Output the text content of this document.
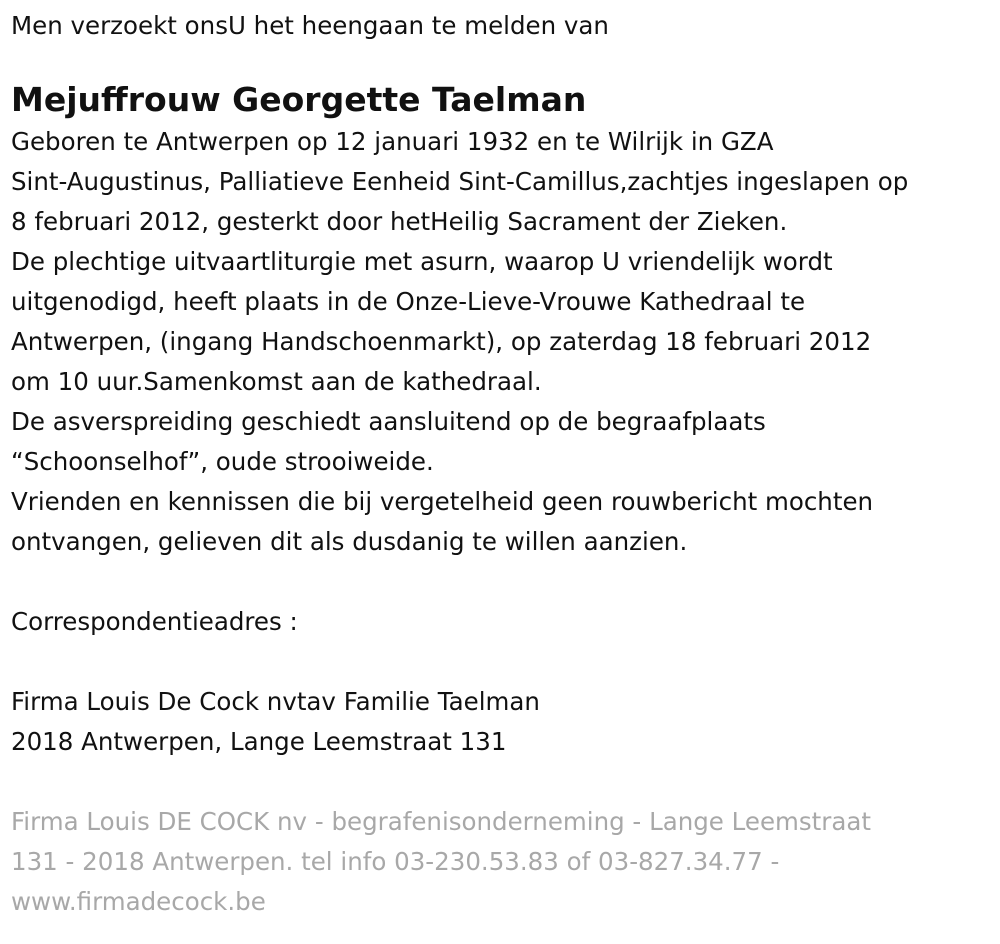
Men verzoekt onsU het heengaan te melden van

Mejuffrouw Georgette Taelman

Geboren te Antwerpen op 12 januari 1932 en te Wilrijk in GZA

Sint-Augustinus, Palliatieve Eenheid Sint-Camillus,zachtjes ingeslapen op

8 februari 2012, gesterkt door hetHeilig Sacrament der Zieken.

De plechtige uitvaartliturgie met asurn, waarop U vriendelijk wordt

uitgenodigd, heeft plaats in de Onze-Lieve-Vrouwe Kathedraal te

Antwerpen, (ingang Handschoenmarkt), op zaterdag 18 februari 2012

om 10 uur.Samenkomst aan de kathedraal.

De asverspreiding geschiedt aansluitend op de begraafplaats

“Schoonselhof”, oude strooiweide.

Vrienden en kennissen die bij vergetelheid geen rouwbericht mochten

ontvangen, gelieven dit als dusdanig te willen aanzien.

Correspondentieadres :

Firma Louis De Cock nvtav Familie Taelman

2018 Antwerpen, Lange Leemstraat 131

Firma Louis DE COCK nv - begrafenisonderneming - Lange Leemstraat

131 - 2018 Antwerpen. tel info 03-230.53.83 of 03-827.34.77 -

www.firmadecock.be
